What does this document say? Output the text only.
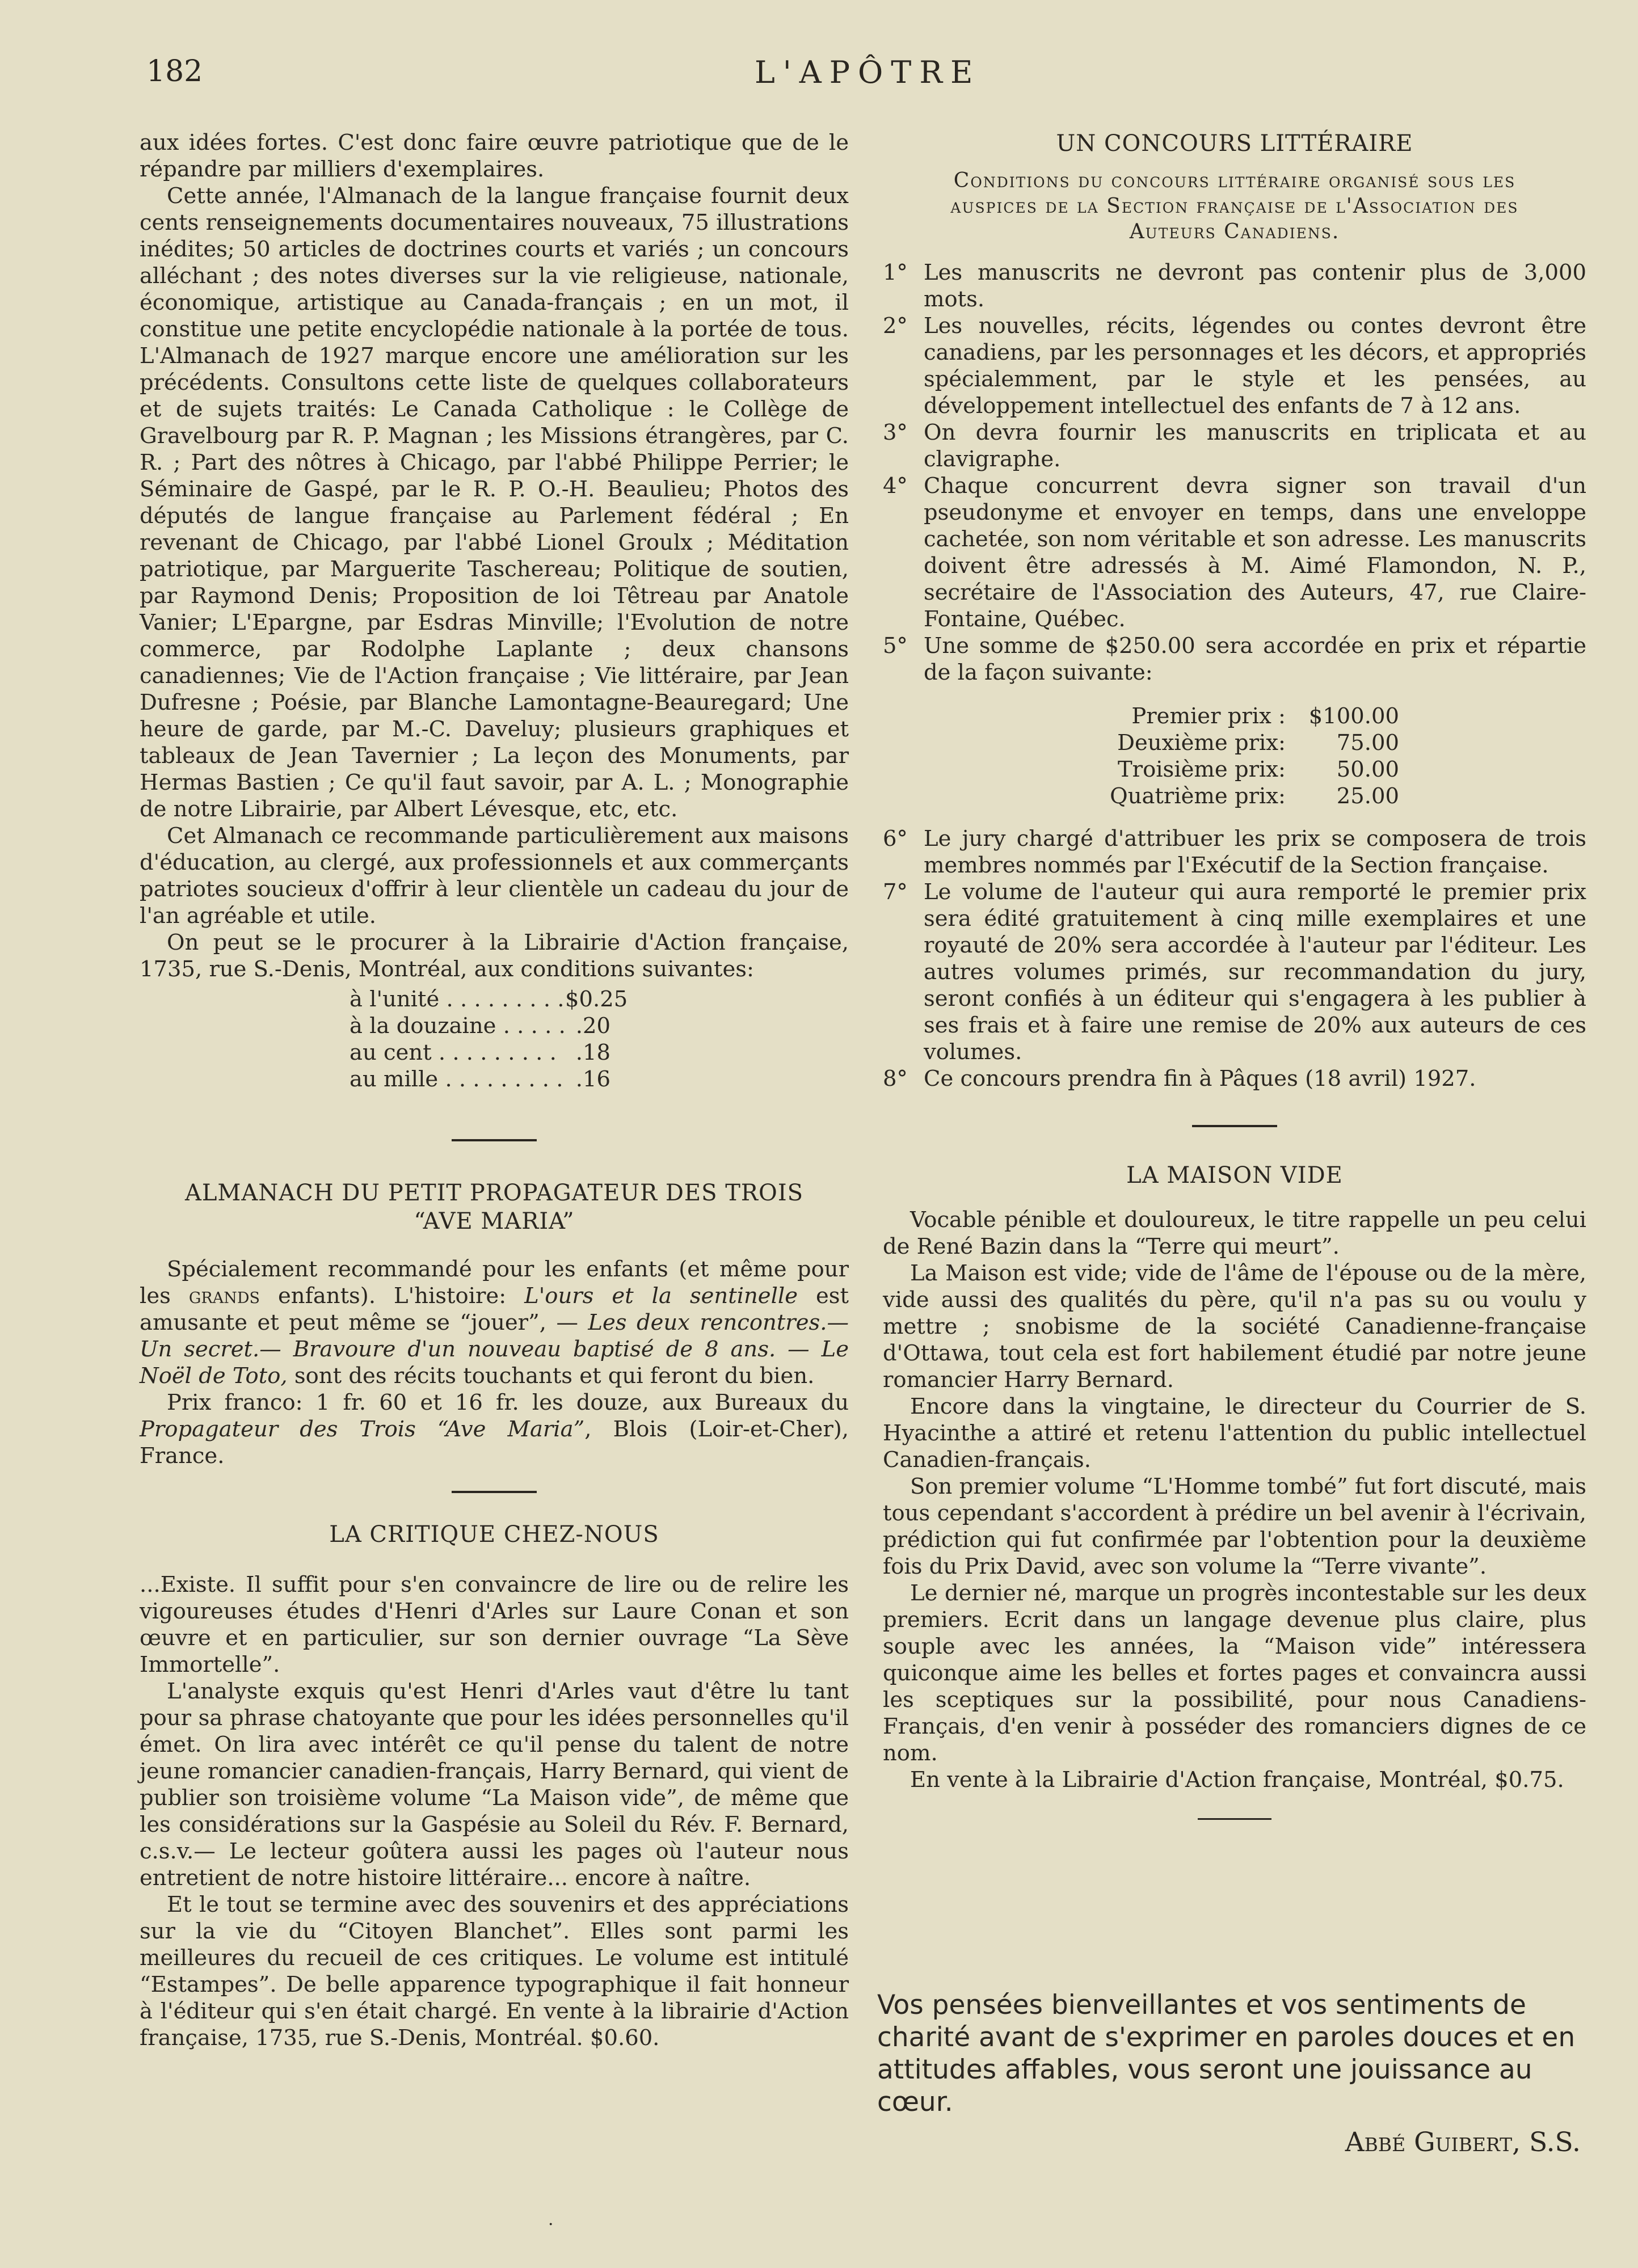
182	L'APÔTRE

aux idées fortes. C'est donc faire œuvre patriotique que de le répandre par milliers d'exemplaires.

Cette année, l'Almanach de la langue française fournit deux cents renseignements documentaires nouveaux, 75 illustrations inédites; 50 articles de doctrines courts et variés ; un concours alléchant ; des notes diverses sur la vie religieuse, nationale, économique, artistique au Canada-français ; en un mot, il constitue une petite encyclopédie nationale à la portée de tous. L'Almanach de 1927 marque encore une amélioration sur les précédents. Consultons cette liste de quelques collaborateurs et de sujets traités: Le Canada Catholique : le Collège de Gravelbourg par R. P. Magnan ; les Missions étrangères, par C. R. ; Part des nôtres à Chicago, par l'abbé Philippe Perrier; le Séminaire de Gaspé, par le R. P. O.-H. Beaulieu; Photos des députés de langue française au Parlement fédéral ; En revenant de Chicago, par l'abbé Lionel Groulx ; Méditation patriotique, par Marguerite Taschereau; Politique de soutien, par Raymond Denis; Proposition de loi Têtreau par Anatole Vanier; L'Epargne, par Esdras Minville; l'Evolution de notre commerce, par Rodolphe Laplante ; deux chansons canadiennes; Vie de l'Action française ; Vie littéraire, par Jean Dufresne ; Poésie, par Blanche Lamontagne-Beauregard; Une heure de garde, par M.-C. Daveluy; plusieurs graphiques et tableaux de Jean Tavernier ; La leçon des Monuments, par Hermas Bastien ; Ce qu'il faut savoir, par A. L. ; Monographie de notre Librairie, par Albert Lévesque, etc, etc.

Cet Almanach ce recommande particulièrement aux maisons d'éducation, au clergé, aux professionnels et aux commerçants patriotes soucieux d'offrir à leur clientèle un cadeau du jour de l'an agréable et utile.

On peut se le procurer à la Librairie d'Action française, 1735, rue S.-Denis, Montréal, aux conditions suivantes:

à l'unité . . .	$0.25
à la douzaine . . .	.20
au cent . . .	.18
au mille . . .	.16
ALMANACH DU PETIT PROPAGATEUR DES TROIS “AVE MARIA”

Spécialement recommandé pour les enfants (et même pour les grands enfants). L'histoire: L'ours et la sentinelle est amusante et peut même se “jouer”, — Les deux rencontres.— Un secret.— Bravoure d'un nouveau baptisé de 8 ans. — Le Noël de Toto, sont des récits touchants et qui feront du bien.

Prix franco: 1 fr. 60 et 16 fr. les douze, aux Bureaux du Propagateur des Trois “Ave Maria”, Blois (Loir-et-Cher), France.

LA CRITIQUE CHEZ-NOUS

...Existe. Il suffit pour s'en convaincre de lire ou de relire les vigoureuses études d'Henri d'Arles sur Laure Conan et son œuvre et en particulier, sur son dernier ouvrage “La Sève Immortelle”.

L'analyste exquis qu'est Henri d'Arles vaut d'être lu tant pour sa phrase chatoyante que pour les idées personnelles qu'il émet. On lira avec intérêt ce qu'il pense du talent de notre jeune romancier canadien-français, Harry Bernard, qui vient de publier son troisième volume “La Maison vide”, de même que les considérations sur la Gaspésie au Soleil du Rév. F. Bernard, c.s.v.— Le lecteur goûtera aussi les pages où l'auteur nous entretient de notre histoire littéraire... encore à naître.

Et le tout se termine avec des souvenirs et des appréciations sur la vie du “Citoyen Blanchet”. Elles sont parmi les meilleures du recueil de ces critiques. Le volume est intitulé “Estampes”. De belle apparence typographique il fait honneur à l'éditeur qui s'en était chargé. En vente à la librairie d'Action française, 1735, rue S.-Denis, Montréal. $0.60.

UN CONCOURS LITTÉRAIRE
Conditions du concours littéraire organisé sous les auspices de la Section française de l'Association des Auteurs Canadiens.
1° Les manuscrits ne devront pas contenir plus de 3,000 mots.
2° Les nouvelles, récits, légendes ou contes devront être canadiens, par les personnages et les décors, et appropriés spécialemment, par le style et les pensées, au développement intellectuel des enfants de 7 à 12 ans.
3° On devra fournir les manuscrits en triplicata et au clavigraphe.
4° Chaque concurrent devra signer son travail d'un pseudonyme et envoyer en temps, dans une enveloppe cachetée, son nom véritable et son adresse. Les manuscrits doivent être adressés à M. Aimé Flamondon, N. P., secrétaire de l'Association des Auteurs, 47, rue Claire-Fontaine, Québec.
5° Une somme de $250.00 sera accordée en prix et répartie de la façon suivante:
Premier prix :	$100.00
Deuxième prix:	75.00
Troisième prix:	50.00
Quatrième prix:	25.00
6° Le jury chargé d'attribuer les prix se composera de trois membres nommés par l'Exécutif de la Section française.
7° Le volume de l'auteur qui aura remporté le premier prix sera édité gratuitement à cinq mille exemplaires et une royauté de 20% sera accordée à l'auteur par l'éditeur. Les autres volumes primés, sur recommandation du jury, seront confiés à un éditeur qui s'engagera à les publier à ses frais et à faire une remise de 20% aux auteurs de ces volumes.
8° Ce concours prendra fin à Pâques (18 avril) 1927.
LA MAISON VIDE

Vocable pénible et douloureux, le titre rappelle un peu celui de René Bazin dans la “Terre qui meurt”.

La Maison est vide; vide de l'âme de l'épouse ou de la mère, vide aussi des qualités du père, qu'il n'a pas su ou voulu y mettre ; snobisme de la société Canadienne-française d'Ottawa, tout cela est fort habilement étudié par notre jeune romancier Harry Bernard.

Encore dans la vingtaine, le directeur du Courrier de S. Hyacinthe a attiré et retenu l'attention du public intellectuel Canadien-français.

Son premier volume “L'Homme tombé” fut fort discuté, mais tous cependant s'accordent à prédire un bel avenir à l'écrivain, prédiction qui fut confirmée par l'obtention pour la deuxième fois du Prix David, avec son volume la “Terre vivante”.

Le dernier né, marque un progrès incontestable sur les deux premiers. Ecrit dans un langage devenue plus claire, plus souple avec les années, la “Maison vide” intéressera quiconque aime les belles et fortes pages et convaincra aussi les sceptiques sur la possibilité, pour nous Canadiens-Français, d'en venir à posséder des romanciers dignes de ce nom.

En vente à la Librairie d'Action française, Montréal, $0.75.

Vos pensées bienveillantes et vos sentiments de charité avant de s'exprimer en paroles douces et en attitudes affables, vous seront une jouissance au cœur.
Abbé Guibert, S.S.
·
